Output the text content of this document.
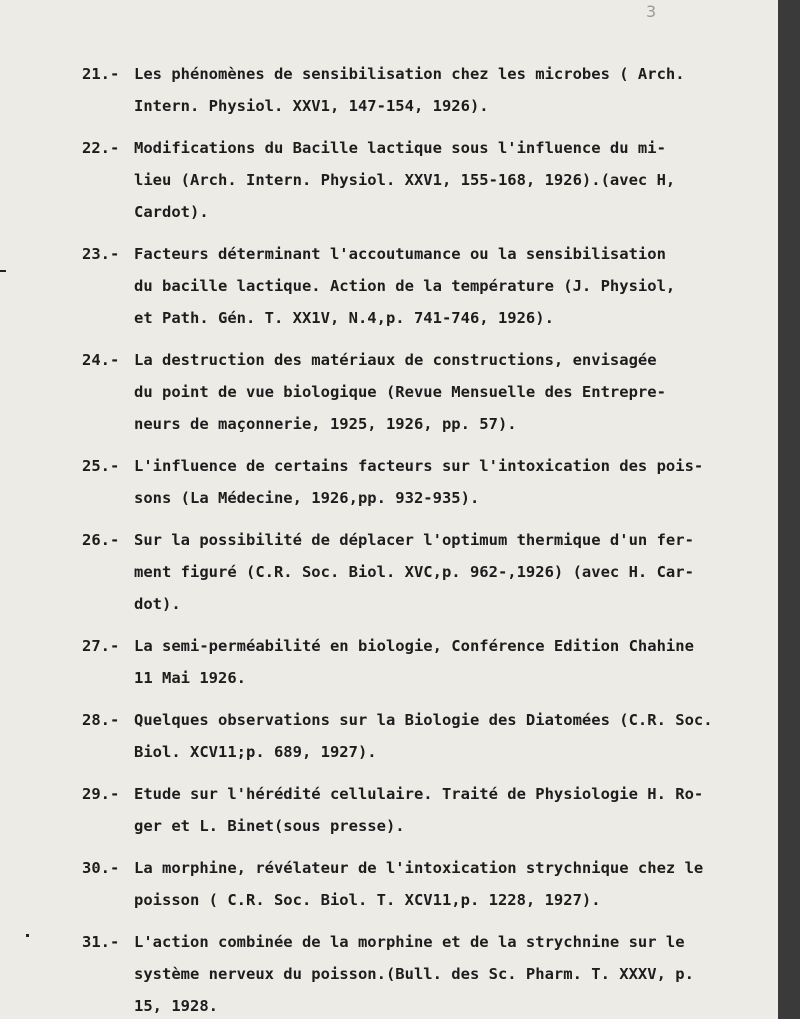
3
21.- Les phénomènes de sensibilisation chez les microbes ( Arch.
Intern. Physiol. XXV1, 147-154, 1926).
22.- Modifications du Bacille lactique sous l'influence du mi-
lieu (Arch. Intern. Physiol. XXV1, 155-168, 1926).(avec H,
Cardot).
23.- Facteurs déterminant l'accoutumance ou la sensibilisation
du bacille lactique. Action de la température (J. Physiol,
et Path. Gén. T. XX1V, N.4,p. 741-746, 1926).
24.- La destruction des matériaux de constructions, envisagée
du point de vue biologique (Revue Mensuelle des Entrepre-
neurs de maçonnerie, 1925, 1926, pp. 57).
25.- L'influence de certains facteurs sur l'intoxication des pois-
sons (La Médecine, 1926,pp. 932-935).
26.- Sur la possibilité de déplacer l'optimum thermique d'un fer-
ment figuré (C.R. Soc. Biol. XVC,p. 962-,1926) (avec H. Car-
dot).
27.- La semi-perméabilité en biologie, Conférence Edition Chahine
11 Mai 1926.
28.- Quelques observations sur la Biologie des Diatomées (C.R. Soc.
Biol. XCV11;p. 689, 1927).
29.- Etude sur l'hérédité cellulaire. Traité de Physiologie H. Ro-
ger et L. Binet(sous presse).
30.- La morphine, révélateur de l'intoxication strychnique chez le
poisson ( C.R. Soc. Biol. T. XCV11,p. 1228, 1927).
31.- L'action combinée de la morphine et de la strychnine sur le
système nerveux du poisson.(Bull. des Sc. Pharm. T. XXXV, p.
15, 1928.
